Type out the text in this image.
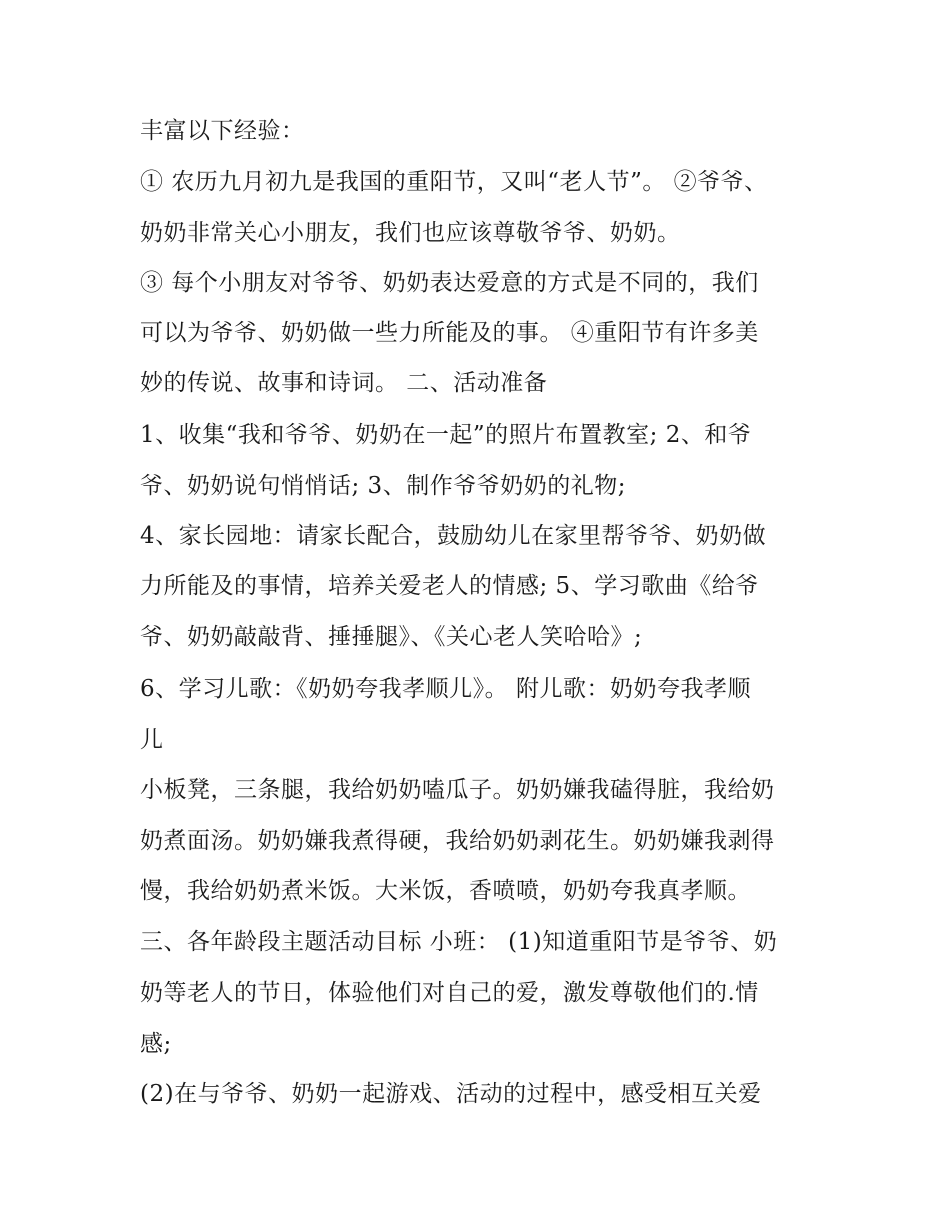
丰富以下经验：
① 农历九月初九是我国的重阳节，又叫“老人节”。 ②爷爷、
奶奶非常关心小朋友，我们也应该尊敬爷爷、奶奶。
③ 每个小朋友对爷爷、奶奶表达爱意的方式是不同的，我们
可以为爷爷、奶奶做一些力所能及的事。 ④重阳节有许多美
妙的传说、故事和诗词。 二、活动准备
1、收集“我和爷爷、奶奶在一起”的照片布置教室; 2、和爷
爷、奶奶说句悄悄话; 3、制作爷爷奶奶的礼物;
4、家长园地：请家长配合，鼓励幼儿在家里帮爷爷、奶奶做
力所能及的事情，培养关爱老人的情感; 5、学习歌曲《给爷
爷、奶奶敲敲背、捶捶腿》、《关心老人笑哈哈》;
6、学习儿歌：《奶奶夸我孝顺儿》。 附儿歌：奶奶夸我孝顺
儿
小板凳，三条腿，我给奶奶嗑瓜子。奶奶嫌我磕得脏，我给奶
奶煮面汤。奶奶嫌我煮得硬，我给奶奶剥花生。奶奶嫌我剥得
慢，我给奶奶煮米饭。大米饭，香喷喷，奶奶夸我真孝顺。
三、各年龄段主题活动目标 小班： (1)知道重阳节是爷爷、奶
奶等老人的节日，体验他们对自己的爱，激发尊敬他们的.情
感;
(2)在与爷爷、奶奶一起游戏、活动的过程中，感受相互关爱
